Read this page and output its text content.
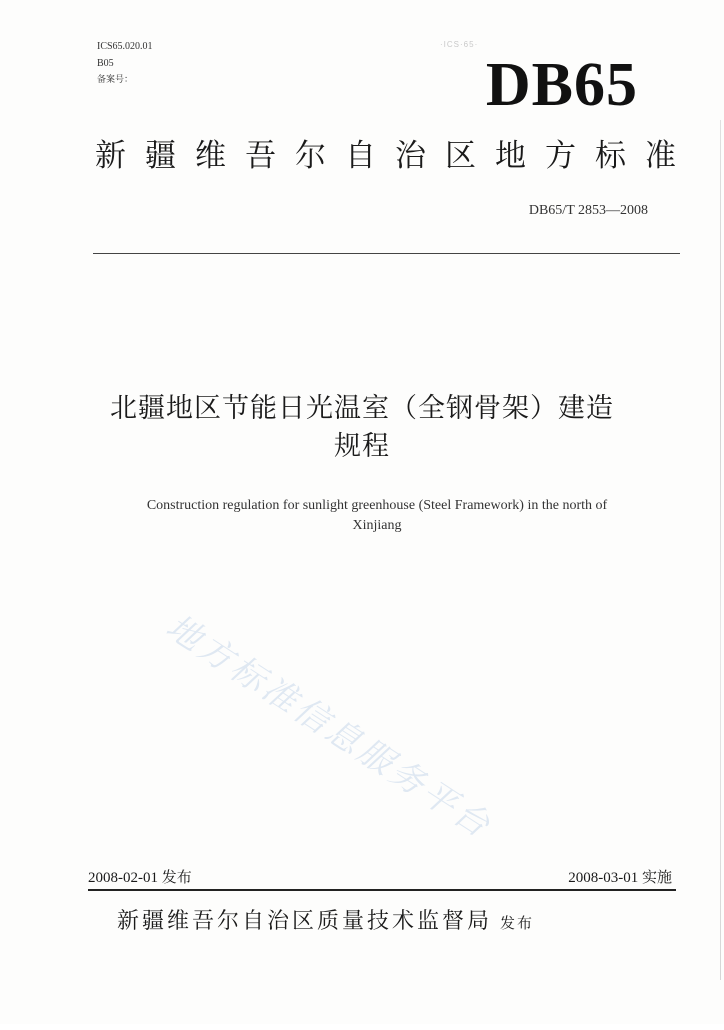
ICS65.020.01
B05
备案号：
·ICS·65·
DB65
新疆维吾尔自治区地方标准
DB65/T 2853—2008
北疆地区节能日光温室（全钢骨架）建造
规程
Construction regulation for sunlight greenhouse (Steel Framework) in the north of
Xinjiang
地方标准信息服务平台
2008-02-01 发布	2008-03-01 实施
新疆维吾尔自治区质量技术监督局 发布
